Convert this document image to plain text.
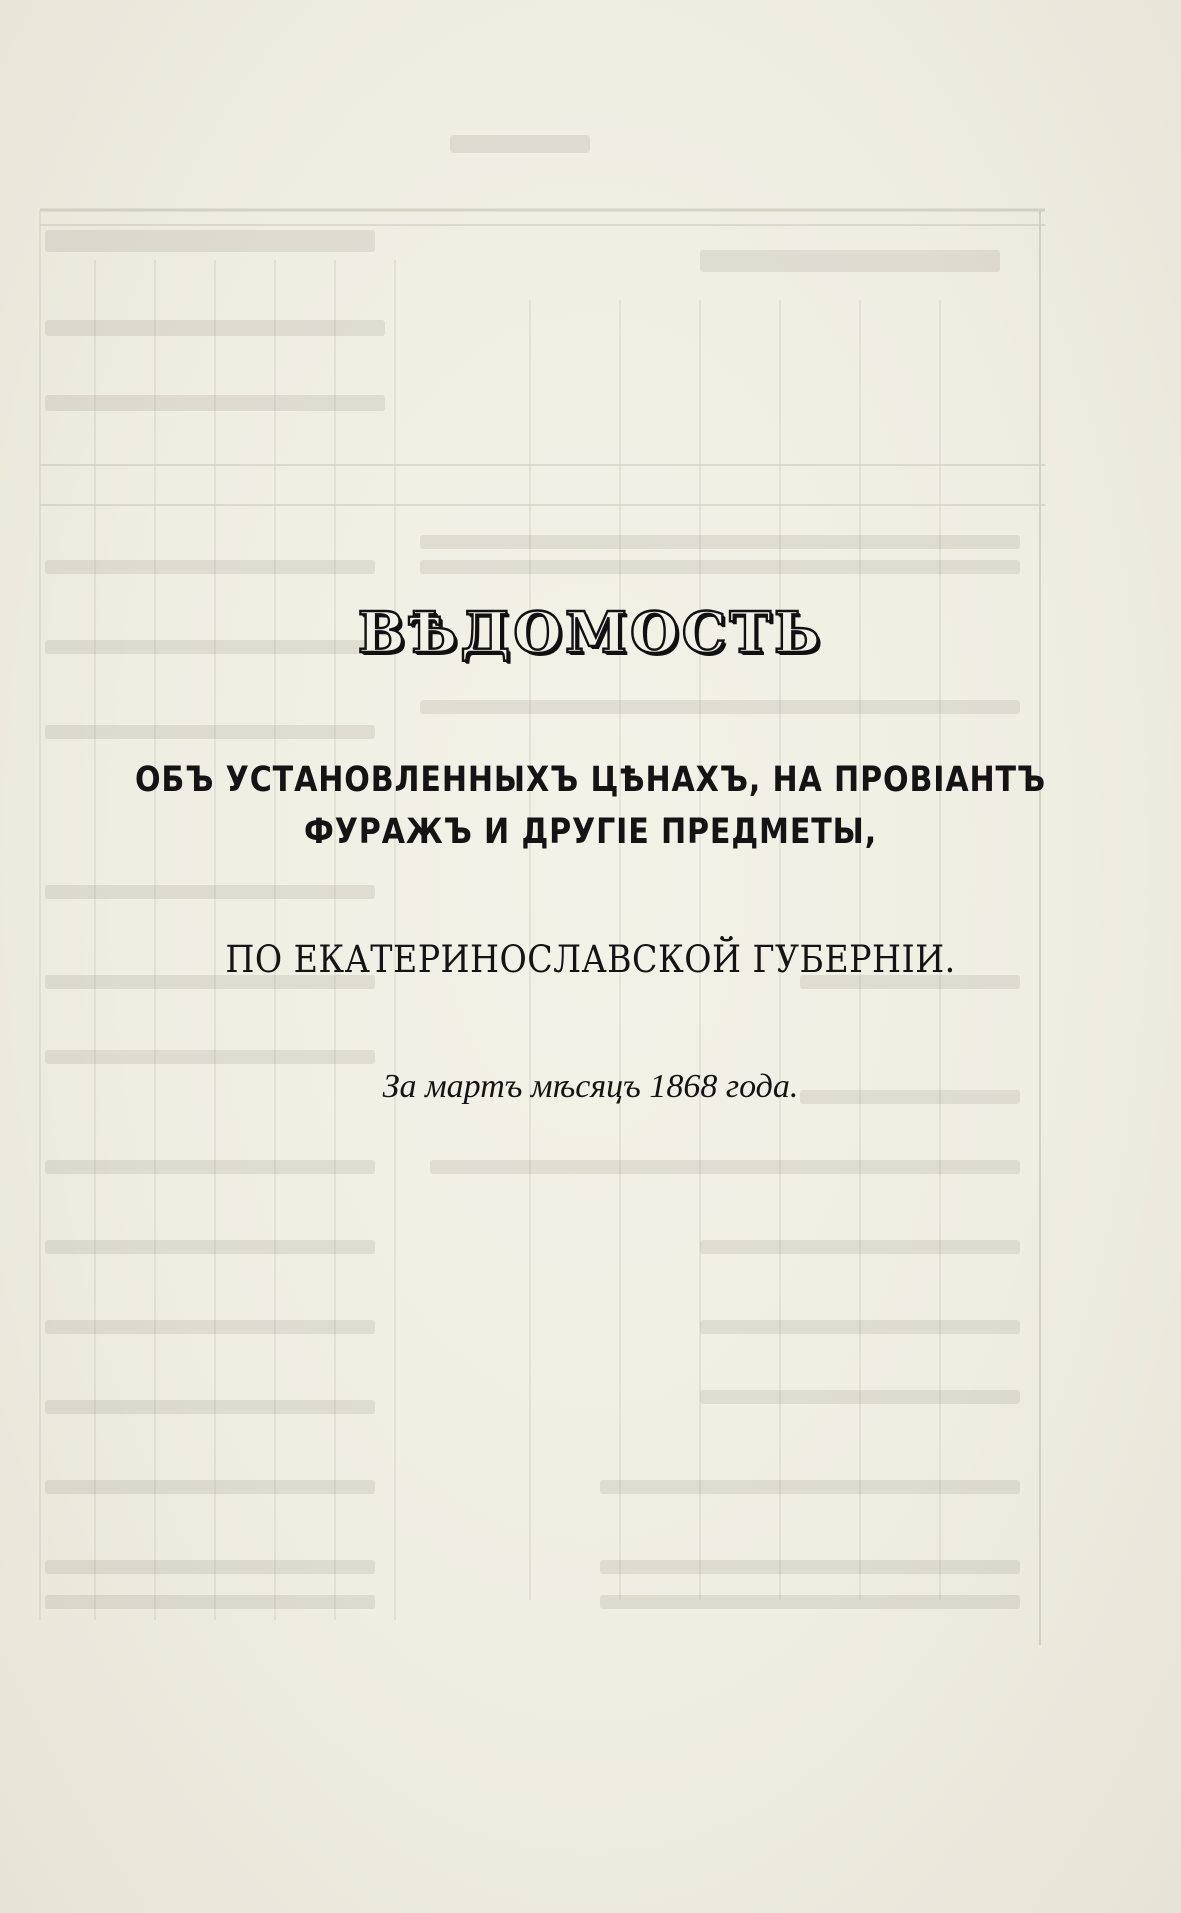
ВѢДОМОСТЬ
ОБЪ УСТАНОВЛЕННЫХЪ ЦѢНАХЪ, НА ПРОВІАНТЪ
ФУРАЖЪ И ДРУГІЕ ПРЕДМЕТЫ,
ПО ЕКАТЕРИНОСЛАВСКОЙ ГУБЕРНІИ.
За мартъ мѣсяцъ 1868 года.
